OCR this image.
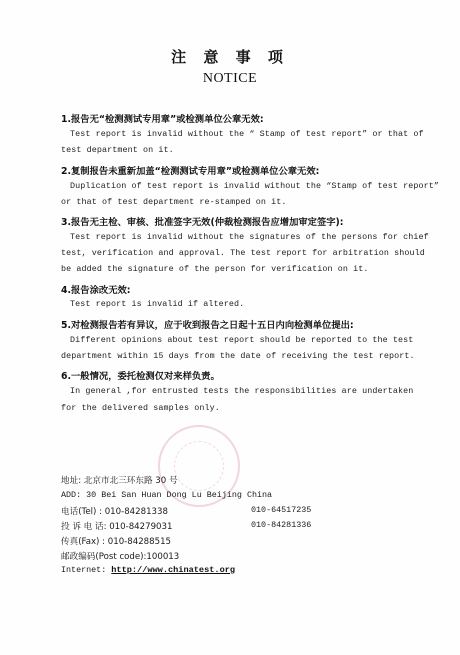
注 意 事 项
NOTICE
1.报告无“检测测试专用章”或检测单位公章无效:
Test report is invalid without the “ Stamp of test report” or that of
test department on it.
2.复制报告未重新加盖“检测测试专用章”或检测单位公章无效:
Duplication of test report is invalid without the “Stamp of test report”
or that of test department re-stamped on it.
3.报告无主检、审核、批准签字无效(仲裁检测报告应增加审定签字):
Test report is invalid without the signatures of the persons for chief
test, verification and approval. The test report for arbitration should
be added the signature of the person for verification on it.
4.报告涂改无效:
Test report is invalid if altered.
5.对检测报告若有异议，应于收到报告之日起十五日内向检测单位提出:
Different opinions about test report should be reported to the test
department within 15 days from the date of receiving the test report.
6.一般情况，委托检测仅对来样负责。
In general ,for entrusted tests the responsibilities are undertaken
for the delivered samples only.
地址: 北京市北三环东路 30 号
ADD: 30 Bei San Huan Dong Lu Beijing China
电话(Tel) : 010-84281338	010-64517235
投 诉 电 话: 010-84279031	010-84281336
传真(Fax) : 010-84288515
邮政编码(Post code):100013
Internet: http://www.chinatest.org
